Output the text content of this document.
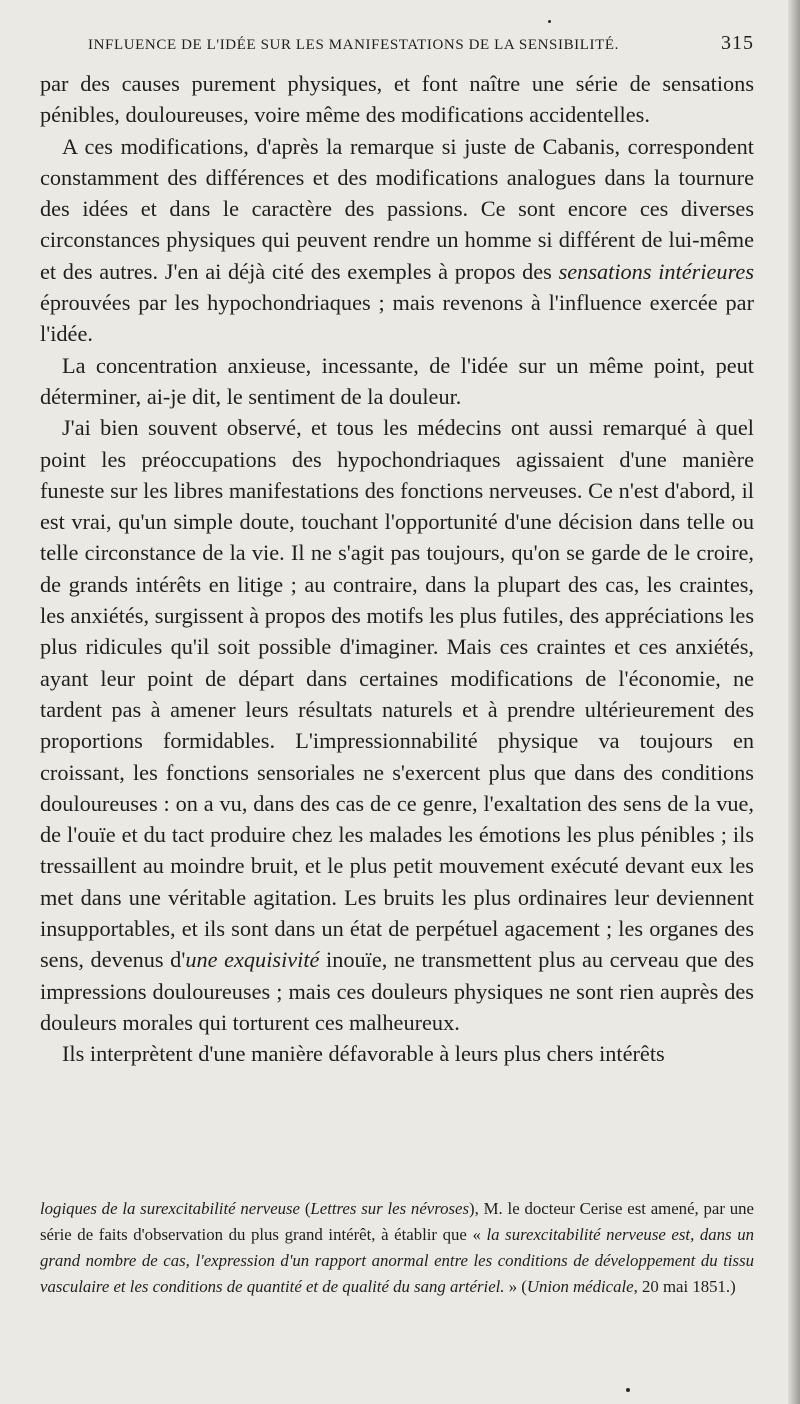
INFLUENCE DE L'IDÉE SUR LES MANIFESTATIONS DE LA SENSIBILITÉ.	315

par des causes purement physiques, et font naître une série de sensations pénibles, douloureuses, voire même des modifications accidentelles.

A ces modifications, d'après la remarque si juste de Cabanis, correspondent constamment des différences et des modifications analogues dans la tournure des idées et dans le caractère des passions. Ce sont encore ces diverses circonstances physiques qui peuvent rendre un homme si différent de lui-même et des autres. J'en ai déjà cité des exemples à propos des sensations intérieures éprouvées par les hypochondriaques ; mais revenons à l'influence exercée par l'idée.

La concentration anxieuse, incessante, de l'idée sur un même point, peut déterminer, ai-je dit, le sentiment de la douleur.

J'ai bien souvent observé, et tous les médecins ont aussi remarqué à quel point les préoccupations des hypochondriaques agissaient d'une manière funeste sur les libres manifestations des fonctions nerveuses. Ce n'est d'abord, il est vrai, qu'un simple doute, touchant l'opportunité d'une décision dans telle ou telle circonstance de la vie. Il ne s'agit pas toujours, qu'on se garde de le croire, de grands intérêts en litige ; au contraire, dans la plupart des cas, les craintes, les anxiétés, surgissent à propos des motifs les plus futiles, des appréciations les plus ridicules qu'il soit possible d'imaginer. Mais ces craintes et ces anxiétés, ayant leur point de départ dans certaines modifications de l'économie, ne tardent pas à amener leurs résultats naturels et à prendre ultérieurement des proportions formidables. L'impressionnabilité physique va toujours en croissant, les fonctions sensoriales ne s'exercent plus que dans des conditions douloureuses : on a vu, dans des cas de ce genre, l'exaltation des sens de la vue, de l'ouïe et du tact produire chez les malades les émotions les plus pénibles ; ils tressaillent au moindre bruit, et le plus petit mouvement exécuté devant eux les met dans une véritable agitation. Les bruits les plus ordinaires leur deviennent insupportables, et ils sont dans un état de perpétuel agacement ; les organes des sens, devenus d'une exquisivité inouïe, ne transmettent plus au cerveau que des impressions douloureuses ; mais ces douleurs physiques ne sont rien auprès des douleurs morales qui torturent ces malheureux.

Ils interprètent d'une manière défavorable à leurs plus chers intérêts

logiques de la surexcitabilité nerveuse (Lettres sur les névroses), M. le docteur Cerise est amené, par une série de faits d'observation du plus grand intérêt, à établir que « la surexcitabilité nerveuse est, dans un grand nombre de cas, l'expression d'un rapport anormal entre les conditions de développement du tissu vasculaire et les conditions de quantité et de qualité du sang artériel. » (Union médicale, 20 mai 1851.)
